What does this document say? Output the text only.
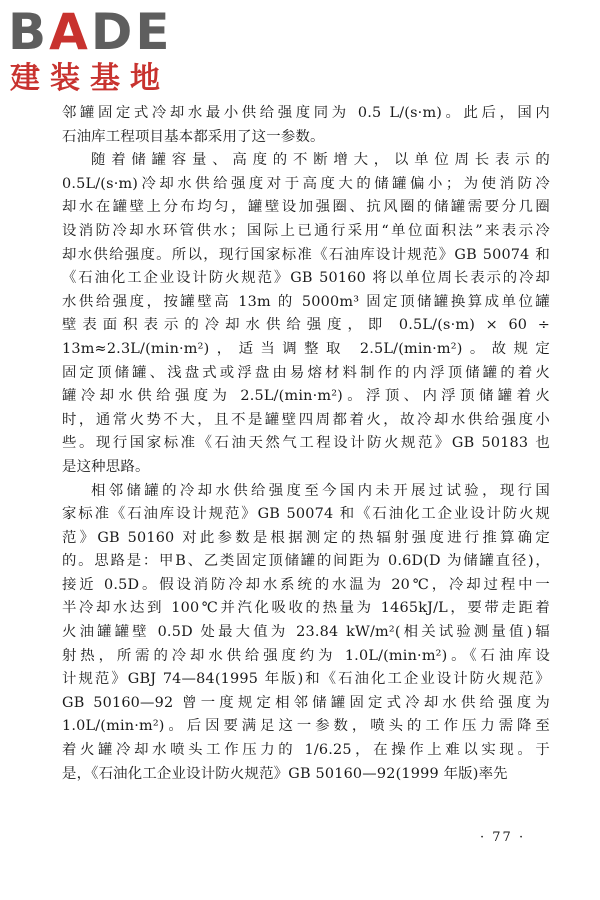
BADE
建装基地
邻罐固定式冷却水最小供给强度同为 0.5 L/(s·m)。此后，国内
石油库工程项目基本都采用了这一参数。
随着储罐容量、高度的不断增大，以单位周长表示的
0.5L/(s·m)冷却水供给强度对于高度大的储罐偏小；为使消防冷
却水在罐壁上分布均匀，罐壁设加强圈、抗风圈的储罐需要分几圈
设消防冷却水环管供水；国际上已通行采用“单位面积法”来表示冷
却水供给强度。所以，现行国家标准《石油库设计规范》GB 50074 和
《石油化工企业设计防火规范》GB 50160 将以单位周长表示的冷却
水供给强度，按罐壁高 13m 的 5000m³ 固定顶储罐换算成单位罐
壁表面积表示的冷却水供给强度，即 0.5L/(s·m) × 60 ÷
13m≈2.3L/(min·m²)，适当调整取 2.5L/(min·m²)。故规定
固定顶储罐、浅盘式或浮盘由易熔材料制作的内浮顶储罐的着火
罐冷却水供给强度为 2.5L/(min·m²)。浮顶、内浮顶储罐着火
时，通常火势不大，且不是罐壁四周都着火，故冷却水供给强度小
些。现行国家标准《石油天然气工程设计防火规范》GB 50183 也
是这种思路。
相邻储罐的冷却水供给强度至今国内未开展过试验，现行国
家标准《石油库设计规范》GB 50074 和《石油化工企业设计防火规
范》GB 50160 对此参数是根据测定的热辐射强度进行推算确定
的。思路是：甲B、乙类固定顶储罐的间距为 0.6D(D 为储罐直径)，
接近 0.5D。假设消防冷却水系统的水温为 20℃，冷却过程中一
半冷却水达到 100℃并汽化吸收的热量为 1465kJ/L，要带走距着
火油罐罐壁 0.5D 处最大值为 23.84 kW/m²(相关试验测量值)辐
射热，所需的冷却水供给强度约为 1.0L/(min·m²)。《石油库设
计规范》GBJ 74—84(1995 年版)和《石油化工企业设计防火规范》
GB 50160—92 曾一度规定相邻储罐固定式冷却水供给强度为
1.0L/(min·m²)。后因要满足这一参数，喷头的工作压力需降至
着火罐冷却水喷头工作压力的 1/6.25，在操作上难以实现。于
是，《石油化工企业设计防火规范》GB 50160—92(1999 年版)率先
· 77 ·
